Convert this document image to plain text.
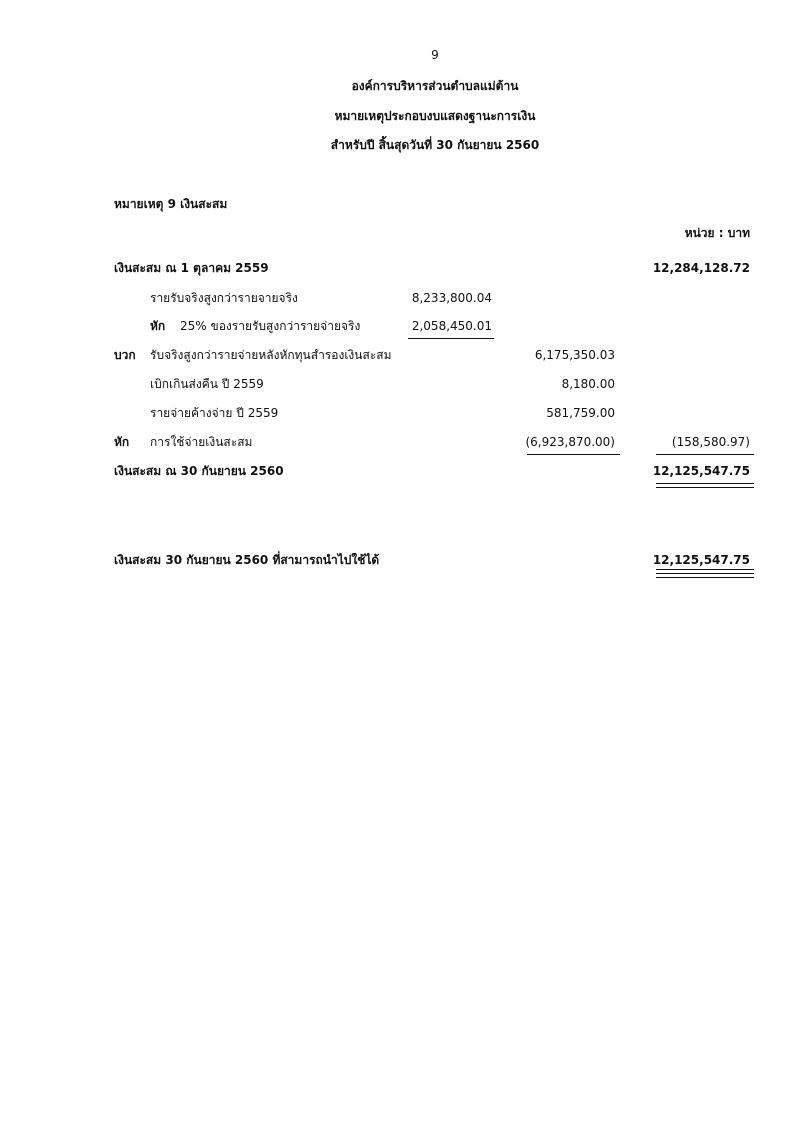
9
องค์การบริหารส่วนตำบลแม่ต้าน
หมายเหตุประกอบงบแสดงฐานะการเงิน
สำหรับปี สิ้นสุดวันที่ 30 กันยายน 2560
หมายเหตุ 9 เงินสะสม
หน่วย : บาท
เงินสะสม ณ 1 ตุลาคม 2559	12,284,128.72
รายรับจริงสูงกว่ารายจายจริง	8,233,800.04
หัก 25% ของรายรับสูงกว่ารายจ่ายจริง	2,058,450.01
บวก รับจริงสูงกว่ารายจ่ายหลังหักทุนสำรองเงินสะสม	6,175,350.03
เบิกเกินส่งคืน ปี 2559	8,180.00
รายจ่ายค้างจ่าย ปี 2559	581,759.00
หัก การใช้จ่ายเงินสะสม	(6,923,870.00)	(158,580.97)
เงินสะสม ณ 30 กันยายน 2560	12,125,547.75
เงินสะสม 30 กันยายน 2560 ที่สามารถนำไปใช้ได้	12,125,547.75
